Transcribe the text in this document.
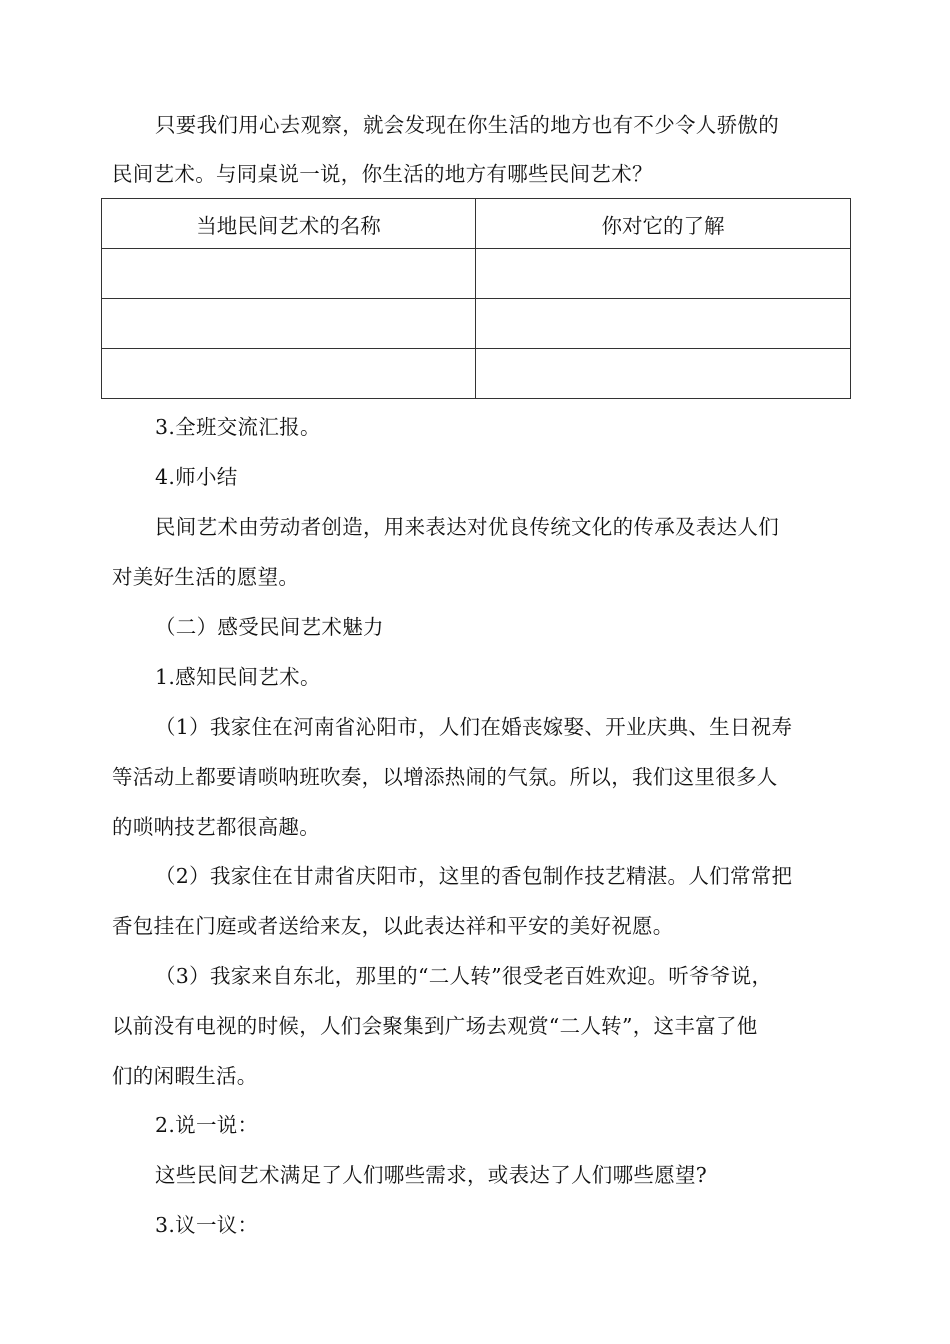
只要我们用心去观察，就会发现在你生活的地方也有不少令人骄傲的
民间艺术。与同桌说一说，你生活的地方有哪些民间艺术？
当地民间艺术的名称	你对它的了解

3.全班交流汇报。
4.师小结
民间艺术由劳动者创造，用来表达对优良传统文化的传承及表达人们
对美好生活的愿望。
（二）感受民间艺术魅力
1.感知民间艺术。
（1）我家住在河南省沁阳市，人们在婚丧嫁娶、开业庆典、生日祝寿
等活动上都要请唢呐班吹奏，以增添热闹的气氛。所以，我们这里很多人
的唢呐技艺都很高趣。
（2）我家住在甘肃省庆阳市，这里的香包制作技艺精湛。人们常常把
香包挂在门庭或者送给来友，以此表达祥和平安的美好祝愿。
（3）我家来自东北，那里的“二人转”很受老百姓欢迎。听爷爷说，
以前没有电视的时候，人们会聚集到广场去观赏“二人转”，这丰富了他
们的闲暇生活。
2.说一说：
这些民间艺术满足了人们哪些需求，或表达了人们哪些愿望?
3.议一议：
